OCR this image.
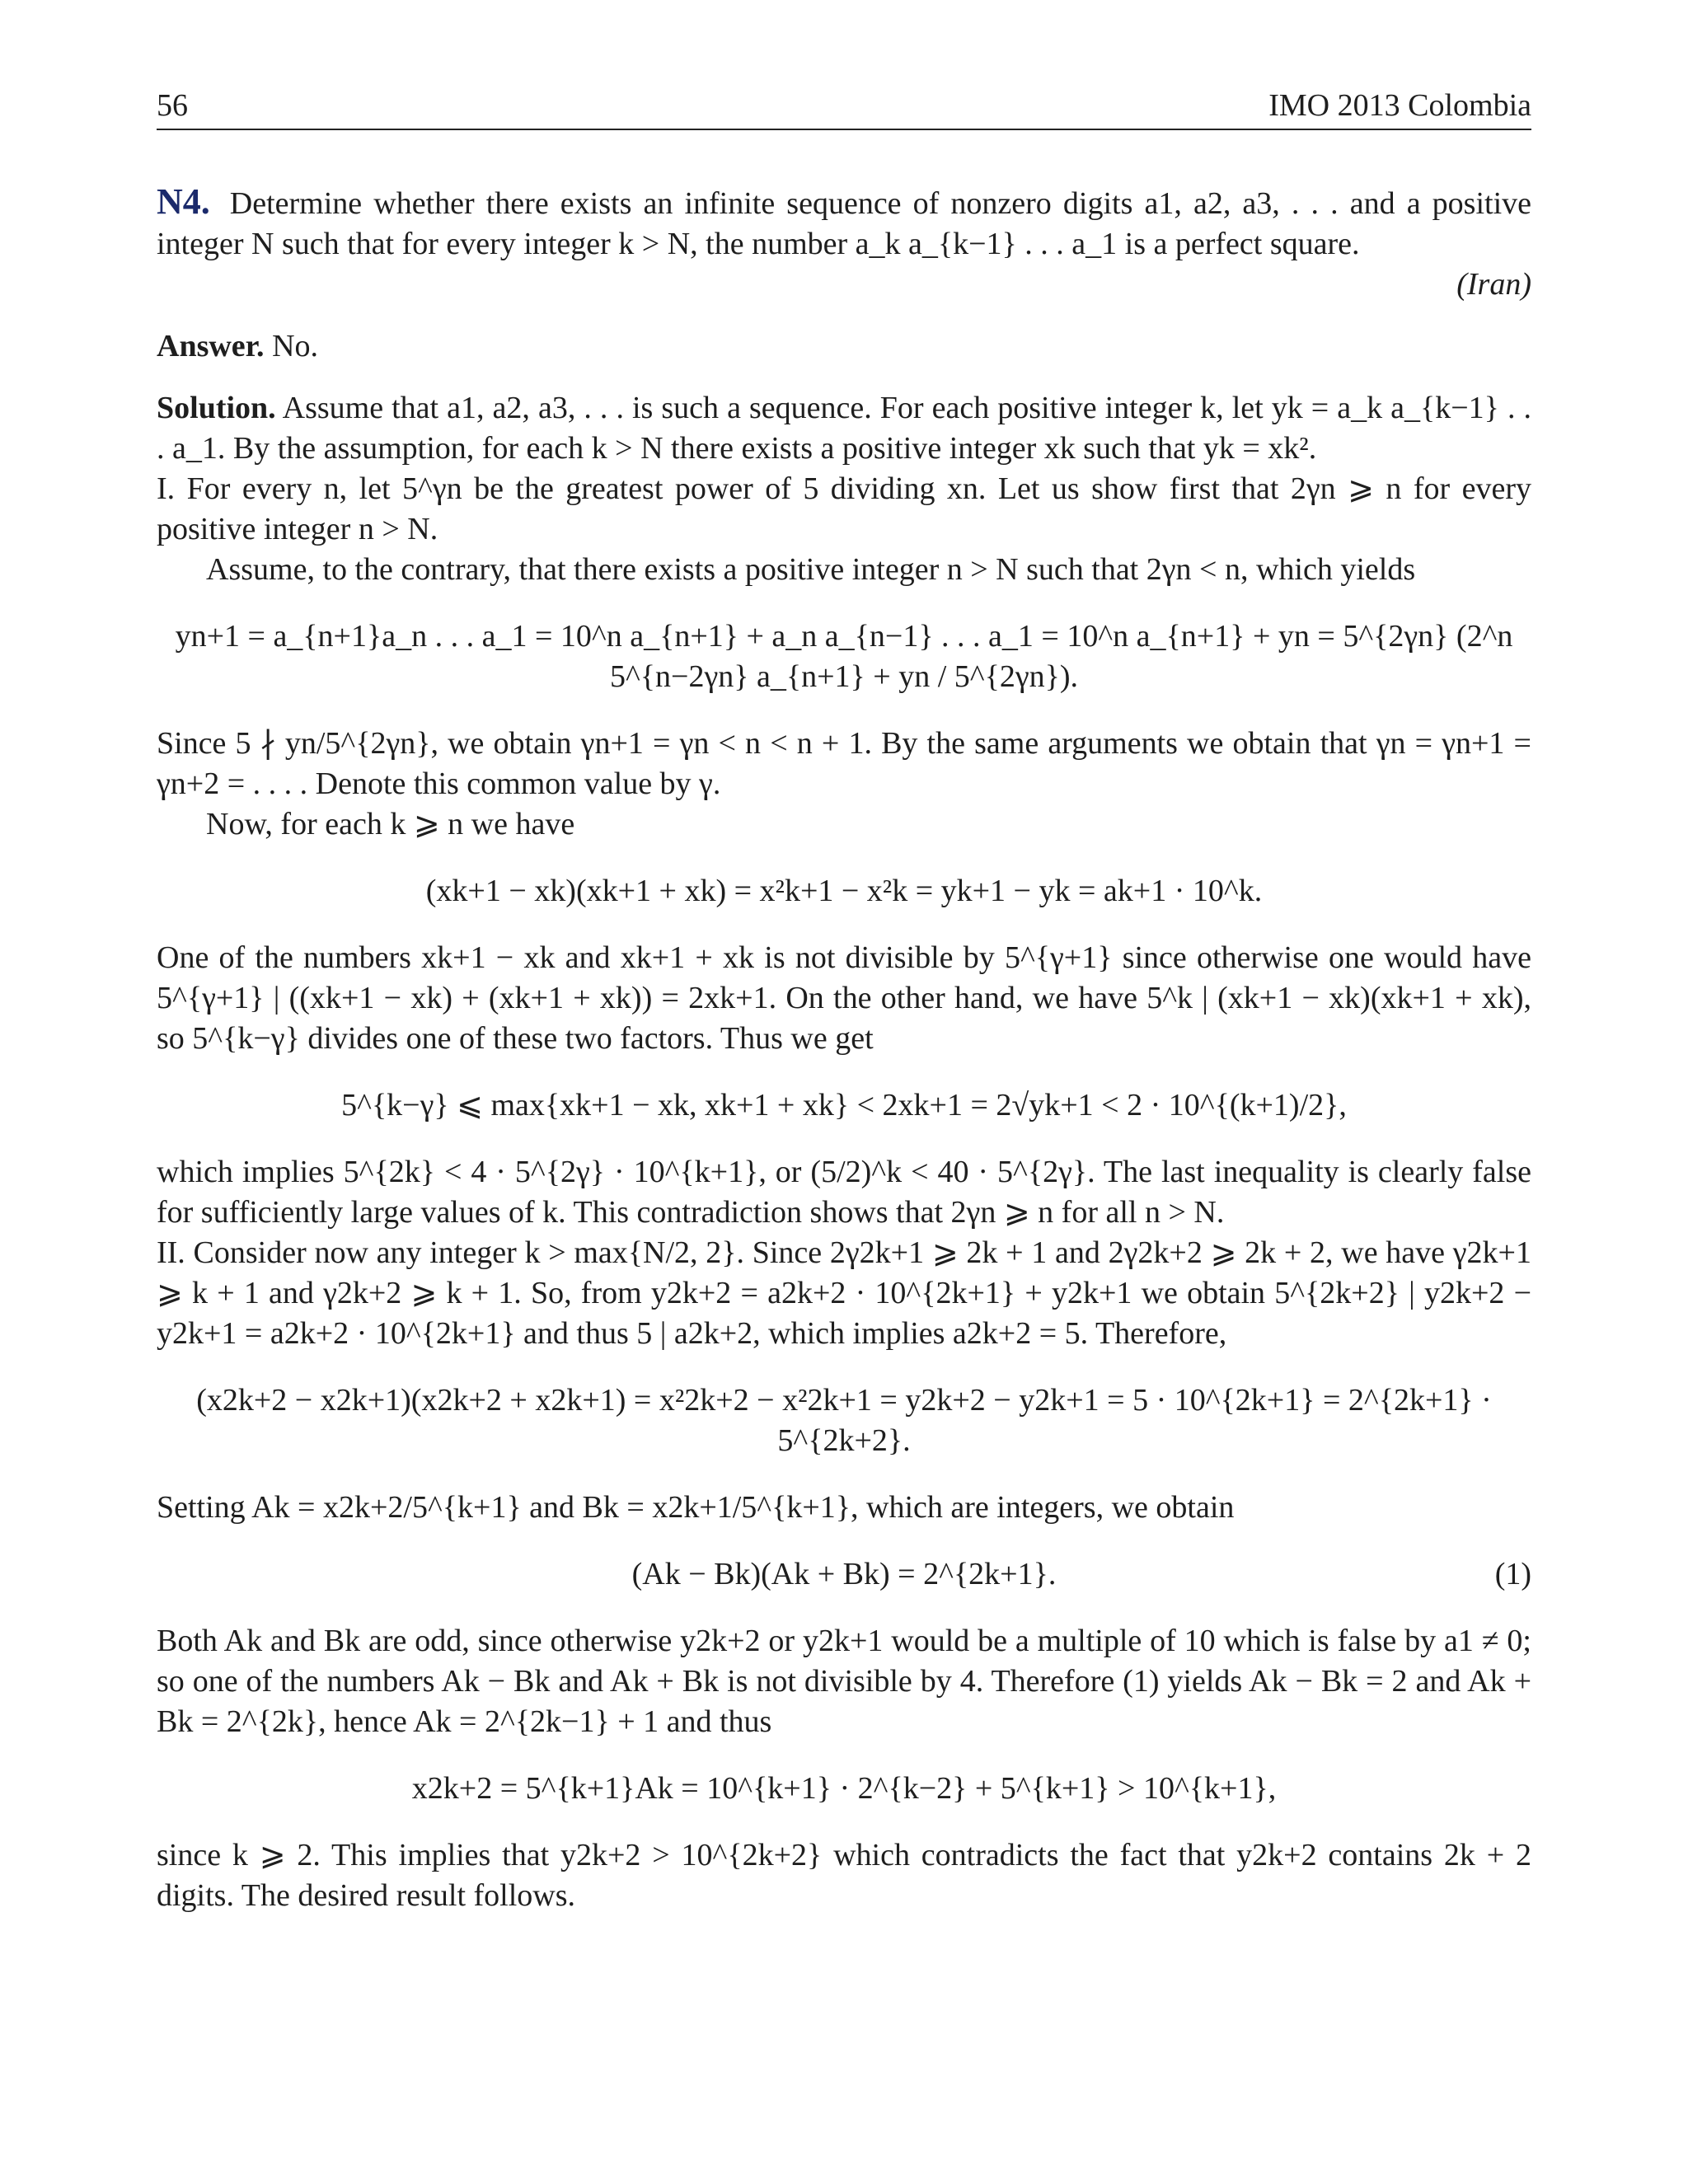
56	IMO 2013 Colombia

N4. Determine whether there exists an infinite sequence of nonzero digits a1, a2, a3, . . . and a positive integer N such that for every integer k > N, the number a_k a_{k−1} . . . a_1 is a perfect square.

(Iran)

Answer. No.

Solution. Assume that a1, a2, a3, . . . is such a sequence. For each positive integer k, let yk = a_k a_{k−1} . . . a_1. By the assumption, for each k > N there exists a positive integer xk such that yk = xk².

I. For every n, let 5^γn be the greatest power of 5 dividing xn. Let us show first that 2γn ⩾ n for every positive integer n > N.

Assume, to the contrary, that there exists a positive integer n > N such that 2γn < n, which yields

yn+1 = a_{n+1}a_n . . . a_1 = 10^n a_{n+1} + a_n a_{n−1} . . . a_1 = 10^n a_{n+1} + yn = 5^{2γn} (2^n 5^{n−2γn} a_{n+1} + yn / 5^{2γn}).

Since 5 ∤ yn/5^{2γn}, we obtain γn+1 = γn < n < n + 1. By the same arguments we obtain that γn = γn+1 = γn+2 = . . . . Denote this common value by γ.

Now, for each k ⩾ n we have

(xk+1 − xk)(xk+1 + xk) = x²k+1 − x²k = yk+1 − yk = ak+1 · 10^k.

One of the numbers xk+1 − xk and xk+1 + xk is not divisible by 5^{γ+1} since otherwise one would have 5^{γ+1} | ((xk+1 − xk) + (xk+1 + xk)) = 2xk+1. On the other hand, we have 5^k | (xk+1 − xk)(xk+1 + xk), so 5^{k−γ} divides one of these two factors. Thus we get

5^{k−γ} ⩽ max{xk+1 − xk, xk+1 + xk} < 2xk+1 = 2√yk+1 < 2 · 10^{(k+1)/2},

which implies 5^{2k} < 4 · 5^{2γ} · 10^{k+1}, or (5/2)^k < 40 · 5^{2γ}. The last inequality is clearly false for sufficiently large values of k. This contradiction shows that 2γn ⩾ n for all n > N.

II. Consider now any integer k > max{N/2, 2}. Since 2γ2k+1 ⩾ 2k + 1 and 2γ2k+2 ⩾ 2k + 2, we have γ2k+1 ⩾ k + 1 and γ2k+2 ⩾ k + 1. So, from y2k+2 = a2k+2 · 10^{2k+1} + y2k+1 we obtain 5^{2k+2} | y2k+2 − y2k+1 = a2k+2 · 10^{2k+1} and thus 5 | a2k+2, which implies a2k+2 = 5. Therefore,

(x2k+2 − x2k+1)(x2k+2 + x2k+1) = x²2k+2 − x²2k+1 = y2k+2 − y2k+1 = 5 · 10^{2k+1} = 2^{2k+1} · 5^{2k+2}.

Setting Ak = x2k+2/5^{k+1} and Bk = x2k+1/5^{k+1}, which are integers, we obtain

(Ak − Bk)(Ak + Bk) = 2^{2k+1}.	(1)

Both Ak and Bk are odd, since otherwise y2k+2 or y2k+1 would be a multiple of 10 which is false by a1 ≠ 0; so one of the numbers Ak − Bk and Ak + Bk is not divisible by 4. Therefore (1) yields Ak − Bk = 2 and Ak + Bk = 2^{2k}, hence Ak = 2^{2k−1} + 1 and thus

x2k+2 = 5^{k+1}Ak = 10^{k+1} · 2^{k−2} + 5^{k+1} > 10^{k+1},

since k ⩾ 2. This implies that y2k+2 > 10^{2k+2} which contradicts the fact that y2k+2 contains 2k + 2 digits. The desired result follows.
